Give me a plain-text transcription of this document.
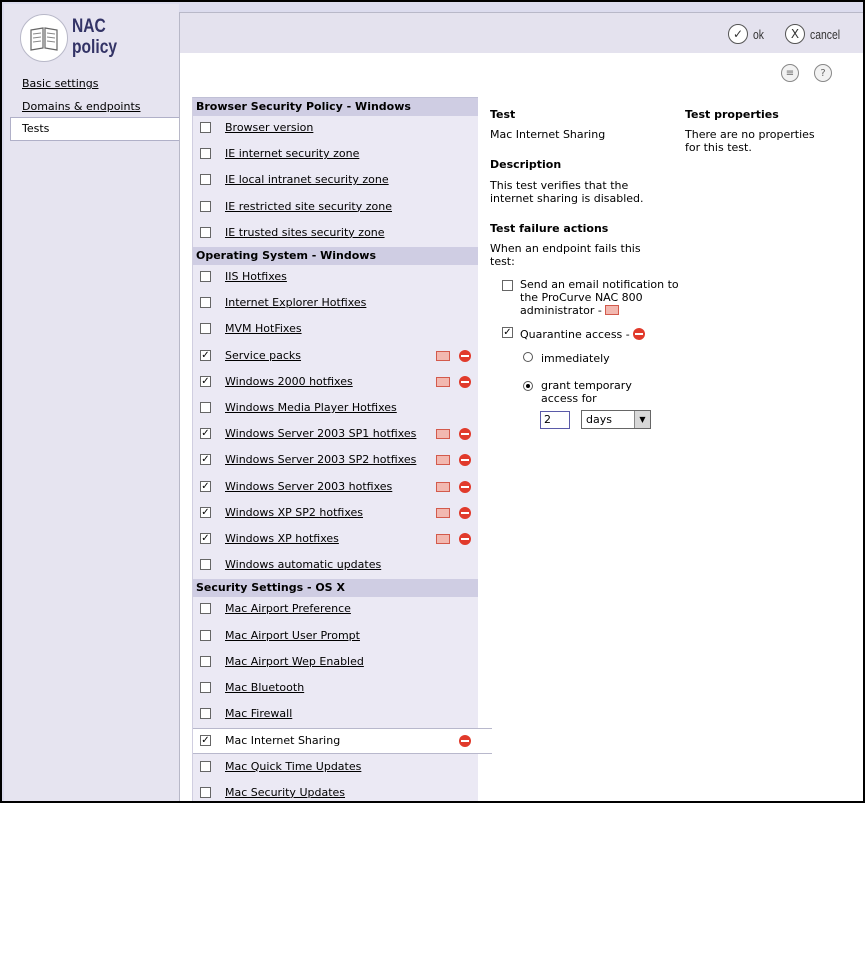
NAC
policy
Basic settings
Domains & endpoints
Tests
✓ ok	X cancel
≡	?
Browser Security Policy - Windows
Browser version
IE internet security zone
IE local intranet security zone
IE restricted site security zone
IE trusted sites security zone
Operating System - Windows
IIS Hotfixes
Internet Explorer Hotfixes
MVM HotFixes
✓ Service packs
✓ Windows 2000 hotfixes
Windows Media Player Hotfixes
✓ Windows Server 2003 SP1 hotfixes
✓ Windows Server 2003 SP2 hotfixes
✓ Windows Server 2003 hotfixes
✓ Windows XP SP2 hotfixes
✓ Windows XP hotfixes
Windows automatic updates
Security Settings - OS X
Mac Airport Preference
Mac Airport User Prompt
Mac Airport Wep Enabled
Mac Bluetooth
Mac Firewall
✓ Mac Internet Sharing
Mac Quick Time Updates
Mac Security Updates
Test
Mac Internet Sharing
Description
This test verifies that the internet sharing is disabled.
Test failure actions
When an endpoint fails this test:
Send an email notification to the ProCurve NAC 800 administrator -
✓ Quarantine access -
immediately
grant temporary access for
2	days	▼
Test properties
There are no properties for this test.
